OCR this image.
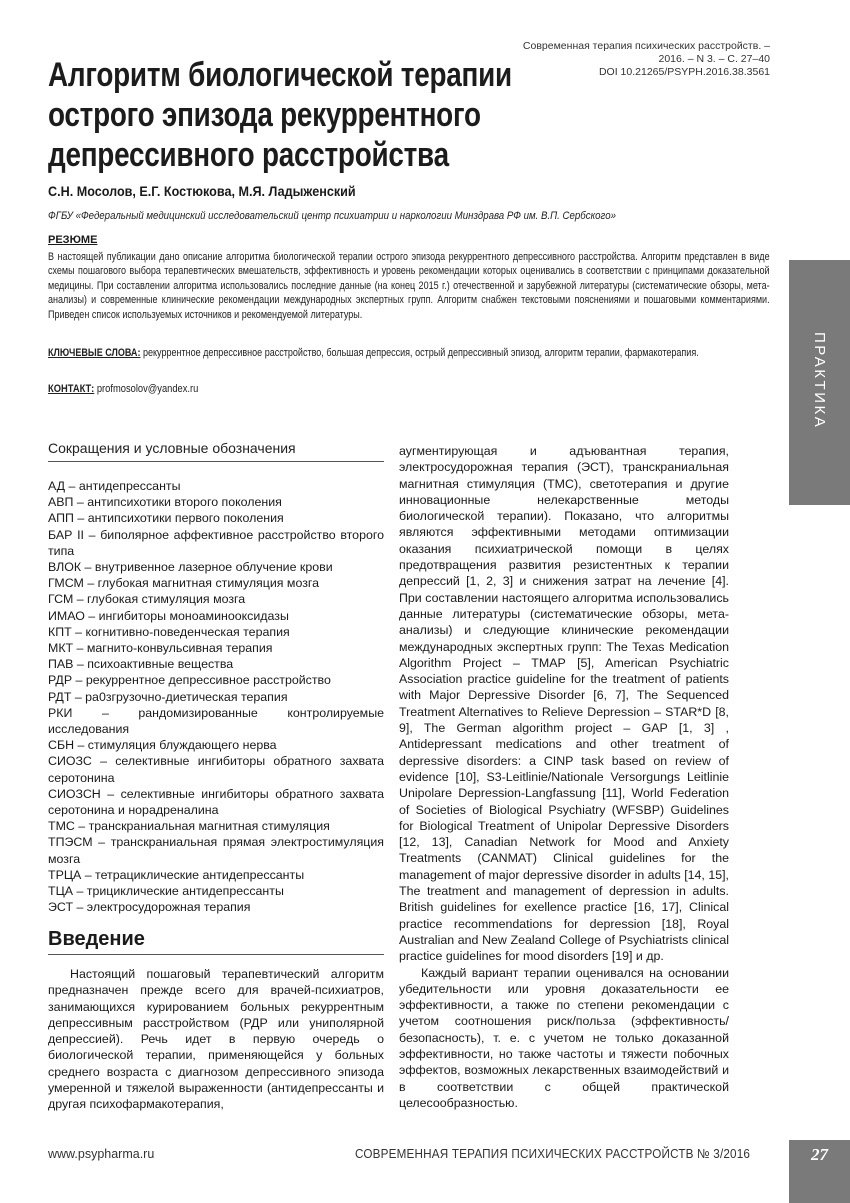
Современная терапия психических расстройств. –
2016. – N 3. – C. 27–40
DOI 10.21265/PSYPH.2016.38.3561
Алгоритм биологической терапии
острого эпизода рекуррентного
депрессивного расстройства
С.Н. Мосолов, Е.Г. Костюкова, М.Я. Ладыженский
ФГБУ «Федеральный медицинский исследовательский центр психиатрии и наркологии Минздрава РФ им. В.П. Сербского»
РЕЗЮМЕ
В настоящей публикации дано описание алгоритма биологической терапии острого эпизода рекуррентного депрессивного расстройства. Алгоритм представлен в виде схемы пошагового выбора терапевтических вмешательств, эффективность и уровень рекомендации которых оценивались в соответствии с принципами доказательной медицины. При составлении алгоритма использовались последние данные (на конец 2015 г.) отечественной и зарубежной литературы (систематические обзоры, мета-анализы) и современные клинические рекомендации международных экспертных групп. Алгоритм снабжен текстовыми пояснениями и пошаговыми комментариями. Приведен список используемых источников и рекомендуемой литературы.
КЛЮЧЕВЫЕ СЛОВА: рекуррентное депрессивное расстройство, большая депрессия, острый депрессивный эпизод, алгоритм терапии, фармакотерапия.
КОНТАКТ: profmosolov@yandex.ru	ПРАКТИКА
Сокращения и условные обозначения
АД – антидепрессанты
АВП – антипсихотики второго поколения
АПП – антипсихотики первого поколения
БАР II – биполярное аффективное расстройство второго типа
ВЛОК – внутривенное лазерное облучение крови
ГМСМ – глубокая магнитная стимуляция мозга
ГСМ – глубокая стимуляция мозга
ИМАО – ингибиторы моноаминооксидазы
КПТ – когнитивно-поведенческая терапия
МКТ – магнито-конвульсивная терапия
ПАВ – психоактивные вещества
РДР – рекуррентное депрессивное расстройство
РДТ – ра0згрузочно-диетическая терапия
РКИ – рандомизированные контролируемые исследования
СБН – стимуляция блуждающего нерва
СИОЗС – селективные ингибиторы обратного захвата серотонина
СИОЗСН – селективные ингибиторы обратного захвата серотонина и норадреналина
ТМС – транскраниальная магнитная стимуляция
ТПЭСМ – транскраниальная прямая электростимуляция мозга
ТРЦА – тетрациклические антидепрессанты
ТЦА – трициклические антидепрессанты
ЭСТ – электросудорожная терапия
Введение

Настоящий пошаговый терапевтический алгоритм предназначен прежде всего для врачей-психиатров, занимающихся курированием больных рекуррентным депрессивным расстройством (РДР или униполярной депрессией). Речь идет в первую очередь о биологической терапии, применяющейся у больных среднего возраста с диагнозом депрессивного эпизода умеренной и тяжелой выраженности (антидепрессанты и другая психофармакотерапия,

аугментирующая и адъювантная терапия, электросудорожная терапия (ЭСТ), транскраниальная магнитная стимуляция (ТМС), светотерапия и другие инновационные нелекарственные методы биологической терапии). Показано, что алгоритмы являются эффективными методами оптимизации оказания психиатрической помощи в целях предотвращения развития резистентных к терапии депрессий [1, 2, 3] и снижения затрат на лечение [4]. При составлении настоящего алгоритма использовались данные литературы (систематические обзоры, мета-анализы) и следующие клинические рекомендации международных экспертных групп: The Texas Medication Algorithm Project – TMAP [5], American Psychiatric Association practice guideline for the treatment of patients with Major Depressive Disorder [6, 7], The Sequenced Treatment Alternatives to Relieve Depression – STAR*D [8, 9], The German algorithm project – GAP [1, 3] , Antidepressant medications and other treatment of depressive disorders: a CINP task based on review of evidence [10], S3-Leitlinie/Nationale Versorgungs Leitlinie Unipolare Depression-Langfassung [11], World Federation of Societies of Biological Psychiatry (WFSBP) Guidelines for Biological Treatment of Unipolar Depressive Disorders [12, 13], Canadian Network for Mood and Anxiety Treatments (CANMAT) Clinical guidelines for the management of major depressive disorder in adults [14, 15], The treatment and management of depression in adults. British guidelines for exellence practice [16, 17], Clinical practice recommendations for depression [18], Royal Australian and New Zealand College of Psychiatrists clinical practice guidelines for mood disorders [19] и др.

Каждый вариант терапии оценивался на основании убедительности или уровня доказательности ее эффективности, а также по степени рекомендации с учетом соотношения риск/польза (эффективность/безопасность), т. е. с учетом не только доказанной эффективности, но также частоты и тяжести побочных эффектов, возможных лекарственных взаимодействий и в соответствии с общей практической целесообразностью.

www.psypharma.ru	СОВРЕМЕННАЯ ТЕРАПИЯ ПСИХИЧЕСКИХ РАССТРОЙСТВ № 3/2016	27
